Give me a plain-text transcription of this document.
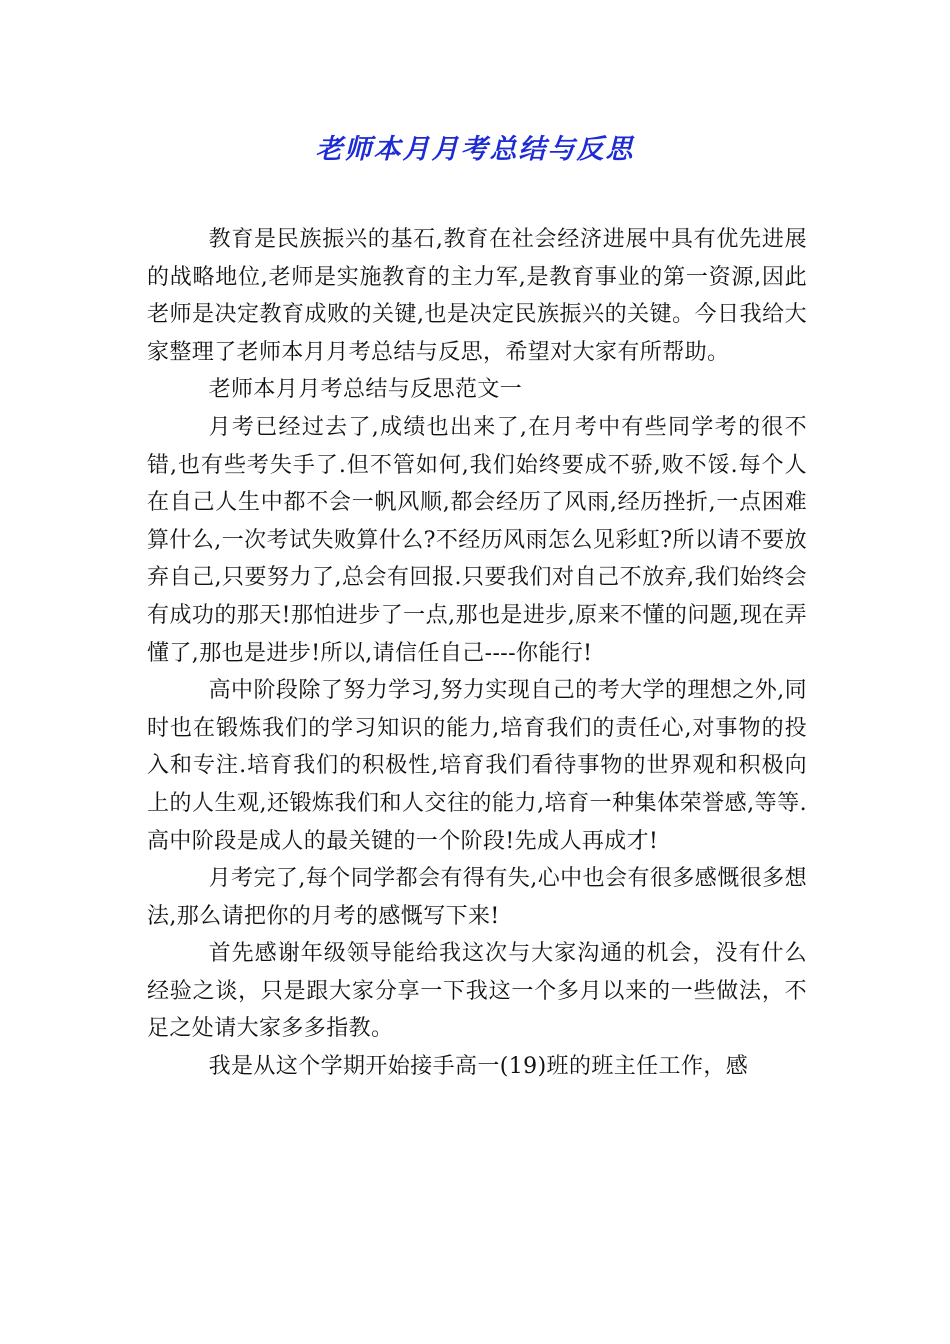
老师本月月考总结与反思

教育是民族振兴的基石,教育在社会经济进展中具有优先进展的战略地位,老师是实施教育的主力军,是教育事业的第一资源,因此老师是决定教育成败的关键,也是决定民族振兴的关键。今日我给大家整理了老师本月月考总结与反思，希望对大家有所帮助。

老师本月月考总结与反思范文一

月考已经过去了,成绩也出来了,在月考中有些同学考的很不错,也有些考失手了.但不管如何,我们始终要成不骄,败不馁.每个人在自己人生中都不会一帆风顺,都会经历了风雨,经历挫折,一点困难算什么,一次考试失败算什么?不经历风雨怎么见彩虹?所以请不要放弃自己,只要努力了,总会有回报.只要我们对自己不放弃,我们始终会有成功的那天!那怕进步了一点,那也是进步,原来不懂的问题,现在弄懂了,那也是进步!所以,请信任自己----你能行!

高中阶段除了努力学习,努力实现自己的考大学的理想之外,同时也在锻炼我们的学习知识的能力,培育我们的责任心,对事物的投入和专注.培育我们的积极性,培育我们看待事物的世界观和积极向上的人生观,还锻炼我们和人交往的能力,培育一种集体荣誉感,等等.高中阶段是成人的最关键的一个阶段!先成人再成才!

月考完了,每个同学都会有得有失,心中也会有很多感慨很多想法,那么请把你的月考的感慨写下来!

首先感谢年级领导能给我这次与大家沟通的机会，没有什么经验之谈，只是跟大家分享一下我这一个多月以来的一些做法，不足之处请大家多多指教。

我是从这个学期开始接手高一(19)班的班主任工作，感
